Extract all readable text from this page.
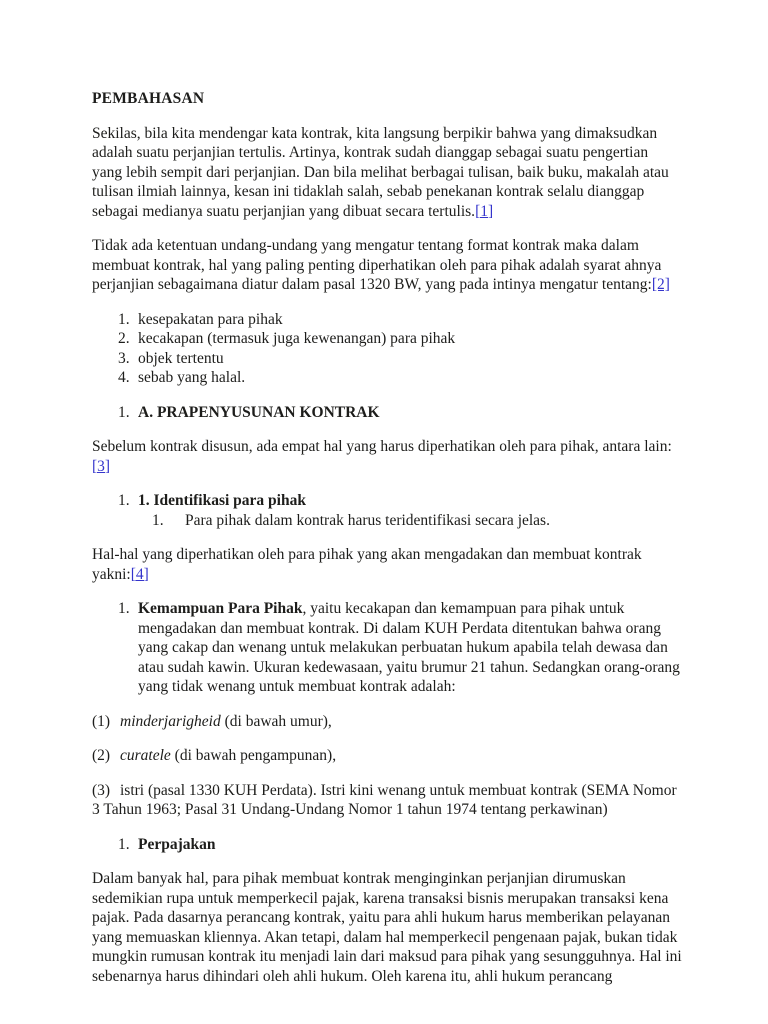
PEMBAHASAN

Sekilas, bila kita mendengar kata kontrak, kita langsung berpikir bahwa yang dimaksudkan adalah suatu perjanjian tertulis. Artinya, kontrak sudah dianggap sebagai suatu pengertian yang lebih sempit dari perjanjian. Dan bila melihat berbagai tulisan, baik buku, makalah atau tulisan ilmiah lainnya, kesan ini tidaklah salah, sebab penekanan kontrak selalu dianggap sebagai medianya suatu perjanjian yang dibuat secara tertulis.[1]

Tidak ada ketentuan undang-undang yang mengatur tentang format kontrak maka dalam membuat kontrak, hal yang paling penting diperhatikan oleh para pihak adalah syarat ahnya perjanjian sebagaimana diatur dalam pasal 1320 BW, yang pada intinya mengatur tentang:[2]

1. kesepakatan para pihak
2. kecakapan (termasuk juga kewenangan) para pihak
3. objek tertentu
4. sebab yang halal.
1. A. PRAPENYUSUNAN KONTRAK

Sebelum kontrak disusun, ada empat hal yang harus diperhatikan oleh para pihak, antara lain:[3]

1. 1. Identifikasi para pihak
1.	Para pihak dalam kontrak harus teridentifikasi secara jelas.

Hal-hal yang diperhatikan oleh para pihak yang akan mengadakan dan membuat kontrak yakni:[4]

1. Kemampuan Para Pihak, yaitu kecakapan dan kemampuan para pihak untuk mengadakan dan membuat kontrak. Di dalam KUH Perdata ditentukan bahwa orang yang cakap dan wenang untuk melakukan perbuatan hukum apabila telah dewasa dan atau sudah kawin. Ukuran kedewasaan, yaitu brumur 21 tahun. Sedangkan orang-orang yang tidak wenang untuk membuat kontrak adalah:

(1) minderjarigheid (di bawah umur),

(2) curatele (di bawah pengampunan),

(3) istri (pasal 1330 KUH Perdata). Istri kini wenang untuk membuat kontrak (SEMA Nomor 3 Tahun 1963; Pasal 31 Undang-Undang Nomor 1 tahun 1974 tentang perkawinan)

1. Perpajakan

Dalam banyak hal, para pihak membuat kontrak menginginkan perjanjian dirumuskan sedemikian rupa untuk memperkecil pajak, karena transaksi bisnis merupakan transaksi kena pajak. Pada dasarnya perancang kontrak, yaitu para ahli hukum harus memberikan pelayanan yang memuaskan kliennya. Akan tetapi, dalam hal memperkecil pengenaan pajak, bukan tidak mungkin rumusan kontrak itu menjadi lain dari maksud para pihak yang sesungguhnya. Hal ini sebenarnya harus dihindari oleh ahli hukum. Oleh karena itu, ahli hukum perancang
